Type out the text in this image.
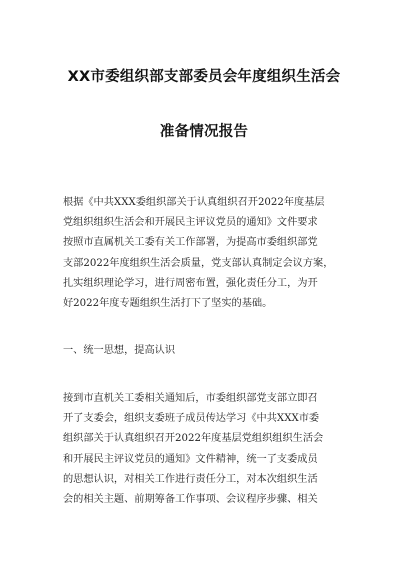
XX市委组织部支部委员会年度组织生活会
准备情况报告
根据《中共XXX委组织部关于认真组织召开2022年度基层
党组织组织生活会和开展民主评议党员的通知》文件要求
按照市直属机关工委有关工作部署，为提高市委组织部党
支部2022年度组织生活会质量，党支部认真制定会议方案，
扎实组织理论学习，进行周密布置，强化责任分工，为开
好2022年度专题组织生活打下了坚实的基础。
一、统一思想，提高认识
接到市直机关工委相关通知后，市委组织部党支部立即召
开了支委会，组织支委班子成员传达学习《中共XXX市委
组织部关于认真组织召开2022年度基层党组织组织生活会
和开展民主评议党员的通知》文件精神，统一了支委成员
的思想认识，对相关工作进行责任分工，对本次组织生活
会的相关主题、前期筹备工作事项、会议程序步骤、相关
